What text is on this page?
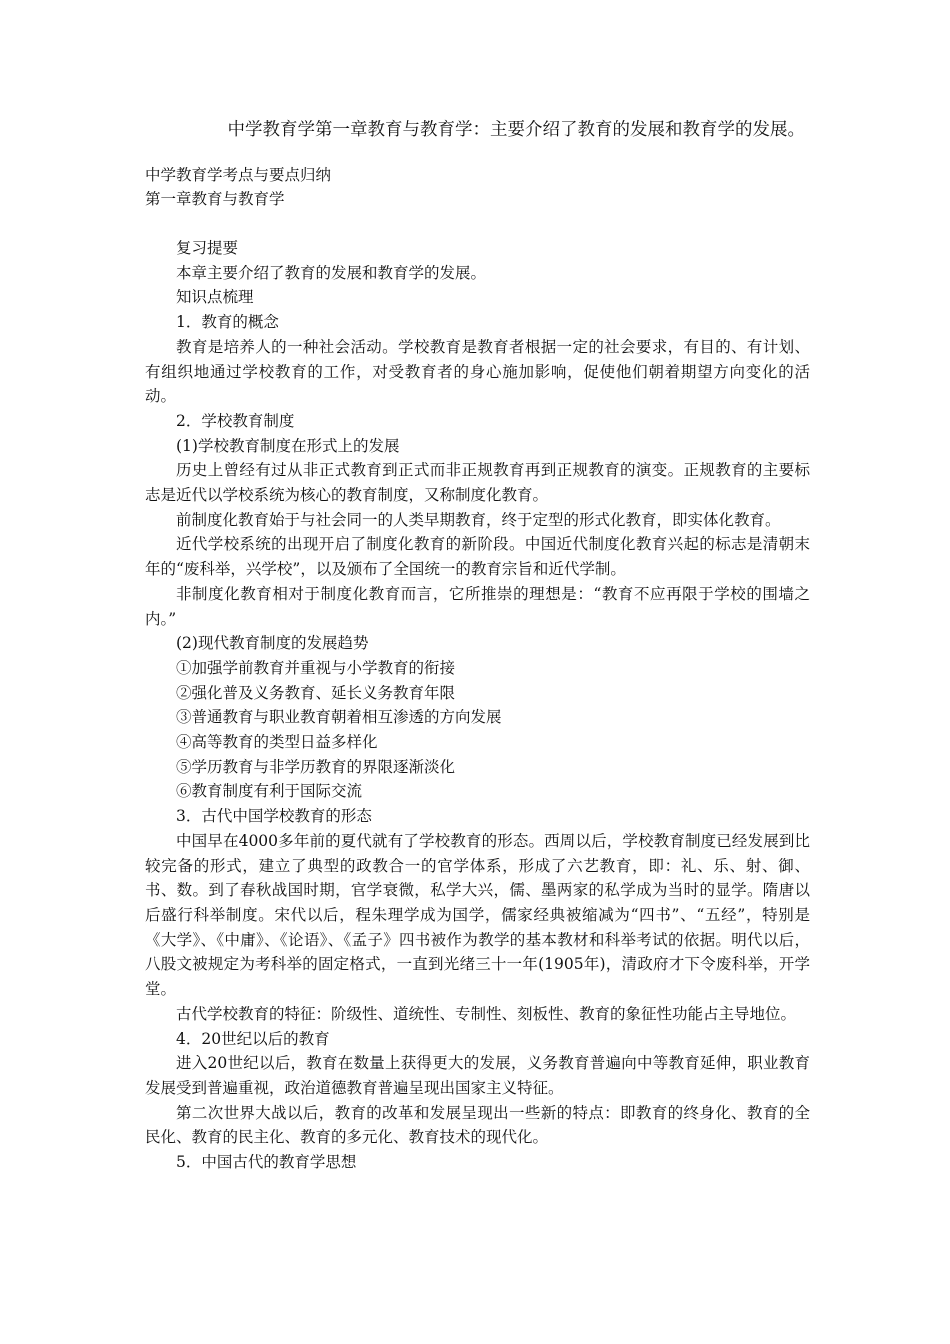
中学教育学第一章教育与教育学：主要介绍了教育的发展和教育学的发展。

中学教育学考点与要点归纳

第一章教育与教育学

复习提要

本章主要介绍了教育的发展和教育学的发展。

知识点梳理

1．教育的概念

教育是培养人的一种社会活动。学校教育是教育者根据一定的社会要求，有目的、有计划、有组织地通过学校教育的工作，对受教育者的身心施加影响，促使他们朝着期望方向变化的活动。

2．学校教育制度

(1)学校教育制度在形式上的发展

历史上曾经有过从非正式教育到正式而非正规教育再到正规教育的演变。正规教育的主要标志是近代以学校系统为核心的教育制度，又称制度化教育。

前制度化教育始于与社会同一的人类早期教育，终于定型的形式化教育，即实体化教育。

近代学校系统的出现开启了制度化教育的新阶段。中国近代制度化教育兴起的标志是清朝末年的“废科举，兴学校”，以及颁布了全国统一的教育宗旨和近代学制。

非制度化教育相对于制度化教育而言，它所推崇的理想是：“教育不应再限于学校的围墙之内。”

(2)现代教育制度的发展趋势

①加强学前教育并重视与小学教育的衔接

②强化普及义务教育、延长义务教育年限

③普通教育与职业教育朝着相互渗透的方向发展

④高等教育的类型日益多样化

⑤学历教育与非学历教育的界限逐渐淡化

⑥教育制度有利于国际交流

3．古代中国学校教育的形态

中国早在4000多年前的夏代就有了学校教育的形态。西周以后，学校教育制度已经发展到比较完备的形式，建立了典型的政教合一的官学体系，形成了六艺教育，即：礼、乐、射、御、书、数。到了春秋战国时期，官学衰微，私学大兴，儒、墨两家的私学成为当时的显学。隋唐以后盛行科举制度。宋代以后，程朱理学成为国学，儒家经典被缩减为“四书”、“五经”，特别是《大学》、《中庸》、《论语》、《孟子》四书被作为教学的基本教材和科举考试的依据。明代以后，八股文被规定为考科举的固定格式，一直到光绪三十一年(1905年)，清政府才下令废科举，开学堂。

古代学校教育的特征：阶级性、道统性、专制性、刻板性、教育的象征性功能占主导地位。

4．20世纪以后的教育

进入20世纪以后，教育在数量上获得更大的发展，义务教育普遍向中等教育延伸，职业教育发展受到普遍重视，政治道德教育普遍呈现出国家主义特征。

第二次世界大战以后，教育的改革和发展呈现出一些新的特点：即教育的终身化、教育的全民化、教育的民主化、教育的多元化、教育技术的现代化。

5．中国古代的教育学思想
